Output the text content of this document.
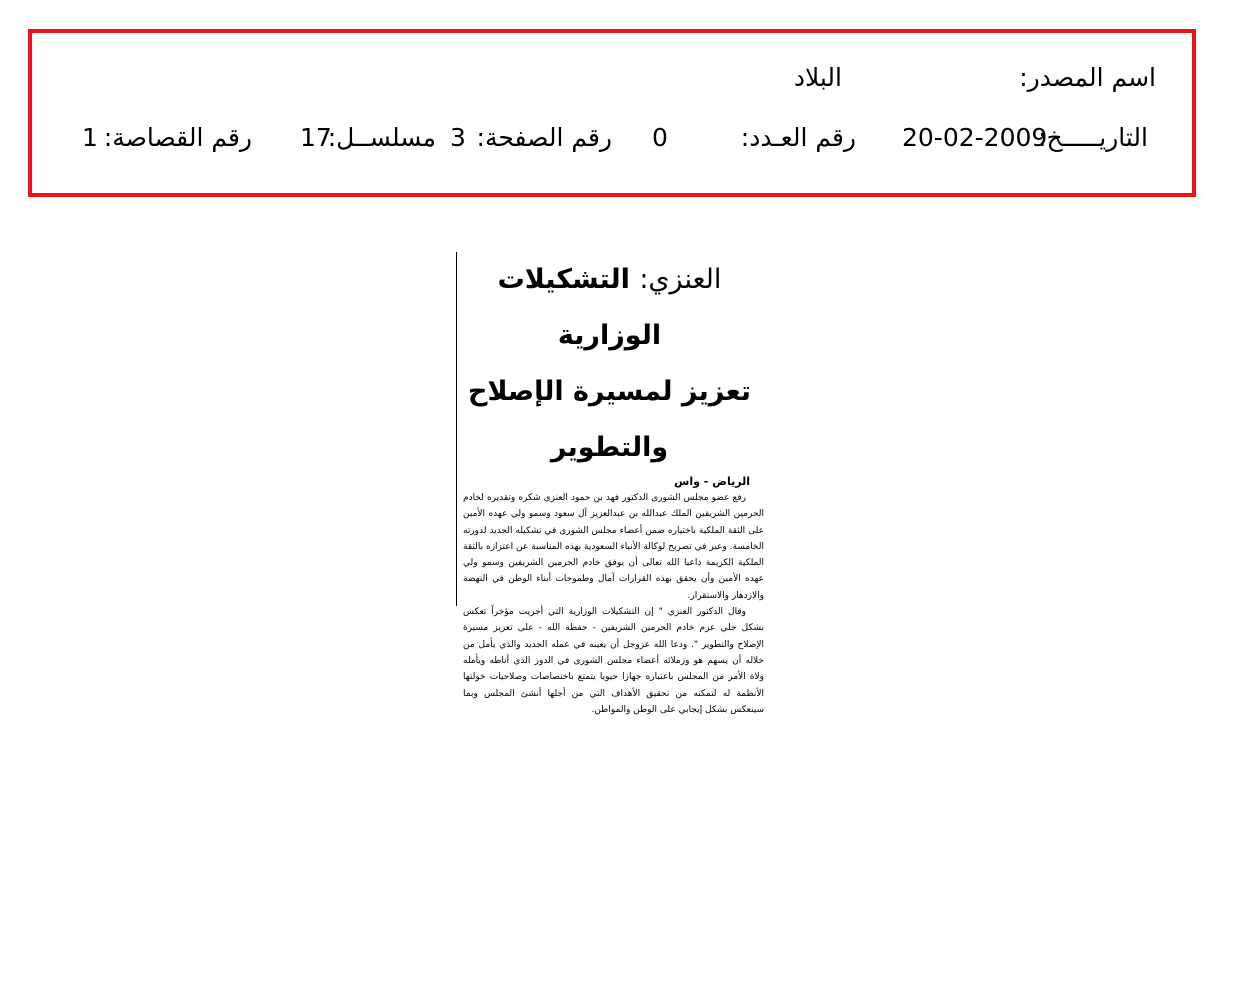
اسم المصدر:
البلاد
التاريـــــخ:
20-02-2009
رقم العـدد:
0
رقم الصفحة:
3
مسلســل:
17
رقم القصاصة:
1
العنزي: التشكيلات الوزارية
تعزيز لمسيرة الإصلاح والتطوير
الرياض - واس

رفع عضو مجلس الشورى الدكتور فهد بن حمود العنزي شكره وتقديره لخادم الحرمين الشريفين الملك عبدالله بن عبدالعزيز آل سعود وسمو ولي عهده الأمين على الثقة الملكية باختياره ضمن أعضاء مجلس الشورى في تشكيله الجديد لدورته الخامسة. وعبر في تصريح لوكالة الأنباء السعودية بهذه المناسبة عن اعتزازه بالثقة الملكية الكريمة داعيا الله تعالى أن يوفق خادم الحرمين الشريفين وسمو ولي عهده الأمين وأن يحقق بهذه القرارات آمال وطموحات أبناء الوطن في النهضة والازدهار والاستقرار.

وقال الدكتور العنزي " إن التشكيلات الوزارية التي أجريت مؤخراً تعكس بشكل جلي عزم خادم الحرمين الشريفين - حفظه الله - على تعزيز مسيرة الإصلاح والتطوير ". ودعا الله عزوجل أن يعينه في عمله الجديد والذي يأمل من خلاله أن يسهم هو وزملائه أعضاء مجلس الشورى في الدور الذي أناطه ويأمله ولاة الأمر من المجلس باعتباره جهازا حيويا يتمتع باختصاصات وصلاحيات خولتها الأنظمة له لتمكنه من تحقيق الأهداف التي من أجلها أنشئ المجلس وبما سينعكس بشكل إيجابي على الوطن والمواطن.
